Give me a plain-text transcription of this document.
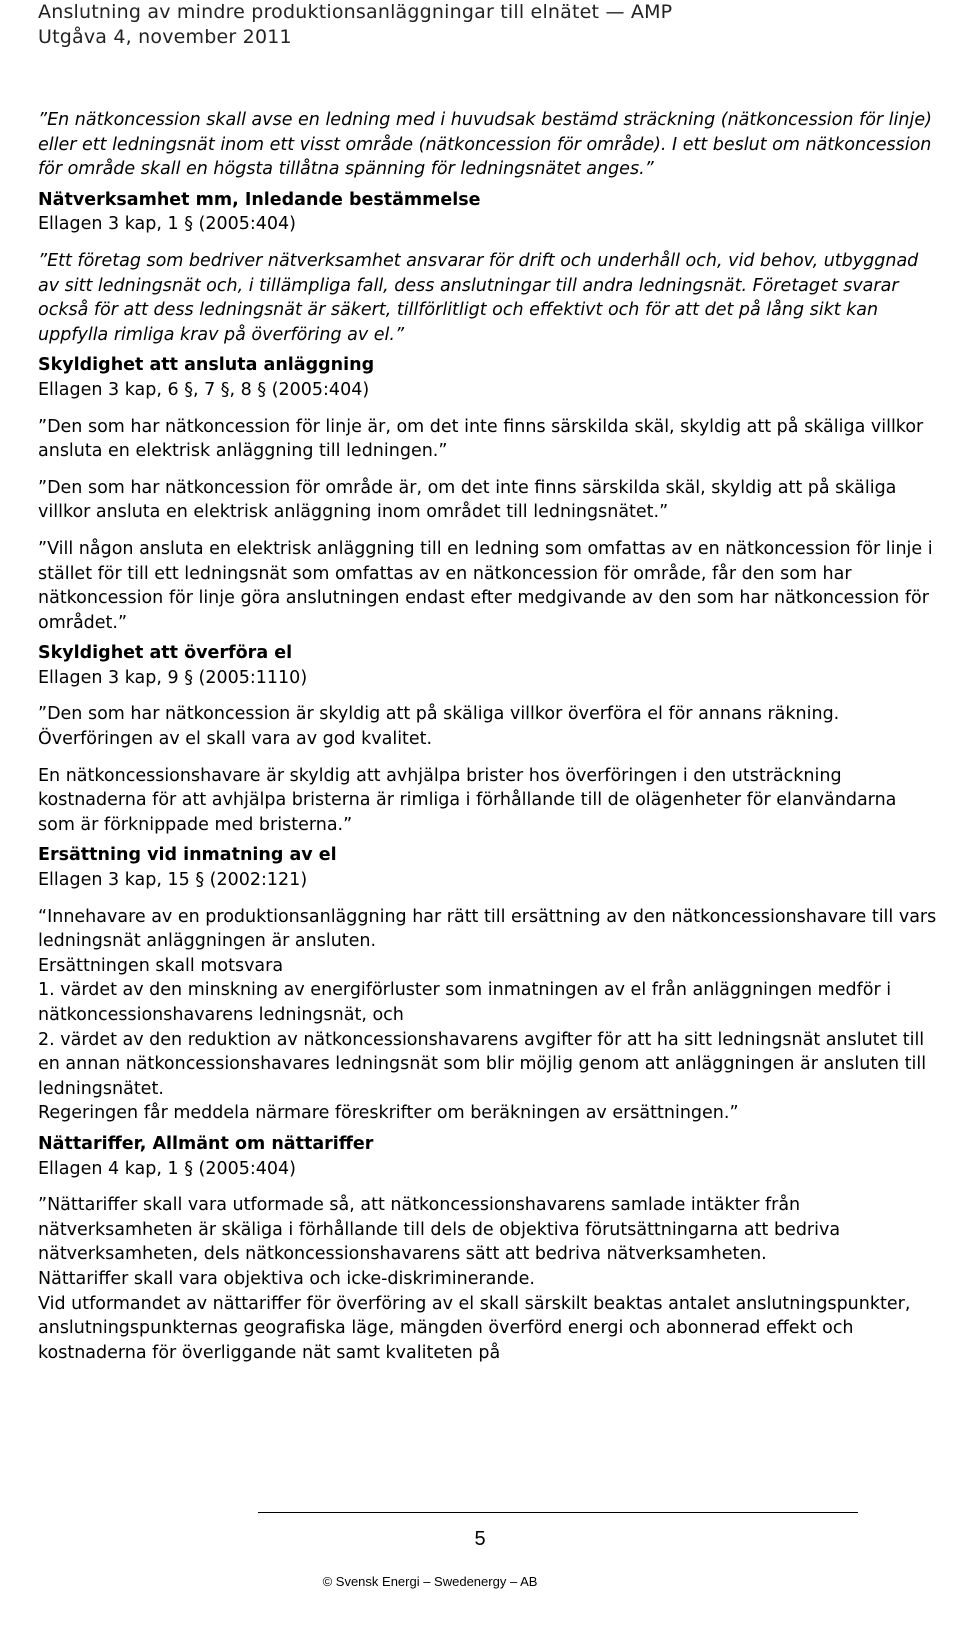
Anslutning av mindre produktionsanläggningar till elnätet — AMP
Utgåva 4, november 2011

”En nätkoncession skall avse en ledning med i huvudsak bestämd sträckning (nätkoncession för linje) eller ett ledningsnät inom ett visst område (nätkoncession för område). I ett beslut om nätkoncession för område skall en högsta tillåtna spänning för ledningsnätet anges.”

Nätverksamhet mm, Inledande bestämmelse

Ellagen 3 kap, 1 § (2005:404)

”Ett företag som bedriver nätverksamhet ansvarar för drift och underhåll och, vid behov, utbyggnad av sitt ledningsnät och, i tillämpliga fall, dess anslutningar till andra ledningsnät. Företaget svarar också för att dess ledningsnät är säkert, tillförlitligt och effektivt och för att det på lång sikt kan uppfylla rimliga krav på överföring av el.”

Skyldighet att ansluta anläggning

Ellagen 3 kap, 6 §, 7 §, 8 § (2005:404)

”Den som har nätkoncession för linje är, om det inte finns särskilda skäl, skyldig att på skäliga villkor ansluta en elektrisk anläggning till ledningen.”

”Den som har nätkoncession för område är, om det inte finns särskilda skäl, skyldig att på skäliga villkor ansluta en elektrisk anläggning inom området till ledningsnätet.”

”Vill någon ansluta en elektrisk anläggning till en ledning som omfattas av en nätkoncession för linje i stället för till ett ledningsnät som omfattas av en nätkoncession för område, får den som har nätkoncession för linje göra anslutningen endast efter medgivande av den som har nätkoncession för området.”

Skyldighet att överföra el

Ellagen 3 kap, 9 § (2005:1110)

”Den som har nätkoncession är skyldig att på skäliga villkor överföra el för annans räkning. Överföringen av el skall vara av god kvalitet.

En nätkoncessionshavare är skyldig att avhjälpa brister hos överföringen i den utsträckning kostnaderna för att avhjälpa bristerna är rimliga i förhållande till de olägenheter för elanvändarna som är förknippade med bristerna.”

Ersättning vid inmatning av el

Ellagen 3 kap, 15 § (2002:121)

“Innehavare av en produktionsanläggning har rätt till ersättning av den nätkoncessionshavare till vars ledningsnät anläggningen är ansluten.

Ersättningen skall motsvara

1. värdet av den minskning av energiförluster som inmatningen av el från anläggningen medför i nätkoncessionshavarens ledningsnät, och

2. värdet av den reduktion av nätkoncessionshavarens avgifter för att ha sitt ledningsnät anslutet till en annan nätkoncessionshavares ledningsnät som blir möjlig genom att anläggningen är ansluten till ledningsnätet.

Regeringen får meddela närmare föreskrifter om beräkningen av ersättningen.”

Nättariffer, Allmänt om nättariffer

Ellagen 4 kap, 1 § (2005:404)

”Nättariffer skall vara utformade så, att nätkoncessionshavarens samlade intäkter från nätverksamheten är skäliga i förhållande till dels de objektiva förutsättningarna att bedriva nätverksamheten, dels nätkoncessionshavarens sätt att bedriva nätverksamheten.

Nättariffer skall vara objektiva och icke-diskriminerande.

Vid utformandet av nättariffer för överföring av el skall särskilt beaktas antalet anslutningspunkter, anslutningspunkternas geografiska läge, mängden överförd energi och abonnerad effekt och kostnaderna för överliggande nät samt kvaliteten på

5
© Svensk Energi – Swedenergy – AB
